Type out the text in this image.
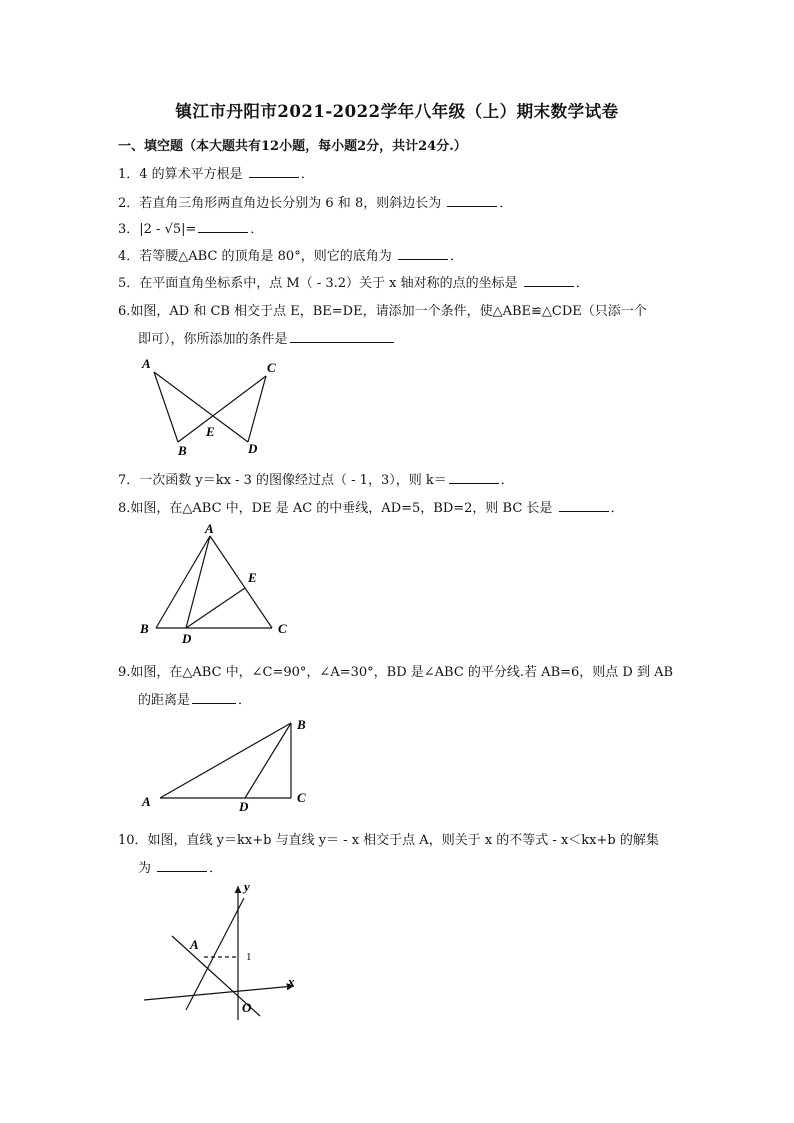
镇江市丹阳市2021-2022学年八年级（上）期末数学试卷
一、填空题（本大题共有12小题，每小题2分，共计24分.）
1．4 的算术平方根是	．
2．若直角三角形两直角边长分别为 6 和 8，则斜边长为	．
3．|2 - √5|=	．
4．若等腰△ABC 的顶角是 80°，则它的底角为	．
5．在平面直角坐标系中，点 M（ - 3.2）关于 x 轴对称的点的坐标是	．
6.如图，AD 和 CB 相交于点 E，BE=DE，请添加一个条件，使△ABE≌△CDE（只添一个
即可），你所添加的条件是
A
B
C
D
E
7．一次函数 y＝kx - 3 的图像经过点（ - 1，3），则 k＝	．
8.如图，在△ABC 中，DE 是 AC 的中垂线，AD=5，BD=2，则 BC 长是	．
A
B	C
D
E
9.如图，在△ABC 中，∠C=90°，∠A=30°，BD 是∠ABC 的平分线.若 AB=6，则点 D 到 AB
的距离是	．
A
B
C
D
10．如图，直线 y＝kx+b 与直线 y＝ - x 相交于点 A，则关于 x 的不等式 - x＜kx+b 的解集
为	．
y
x
A
O
1
